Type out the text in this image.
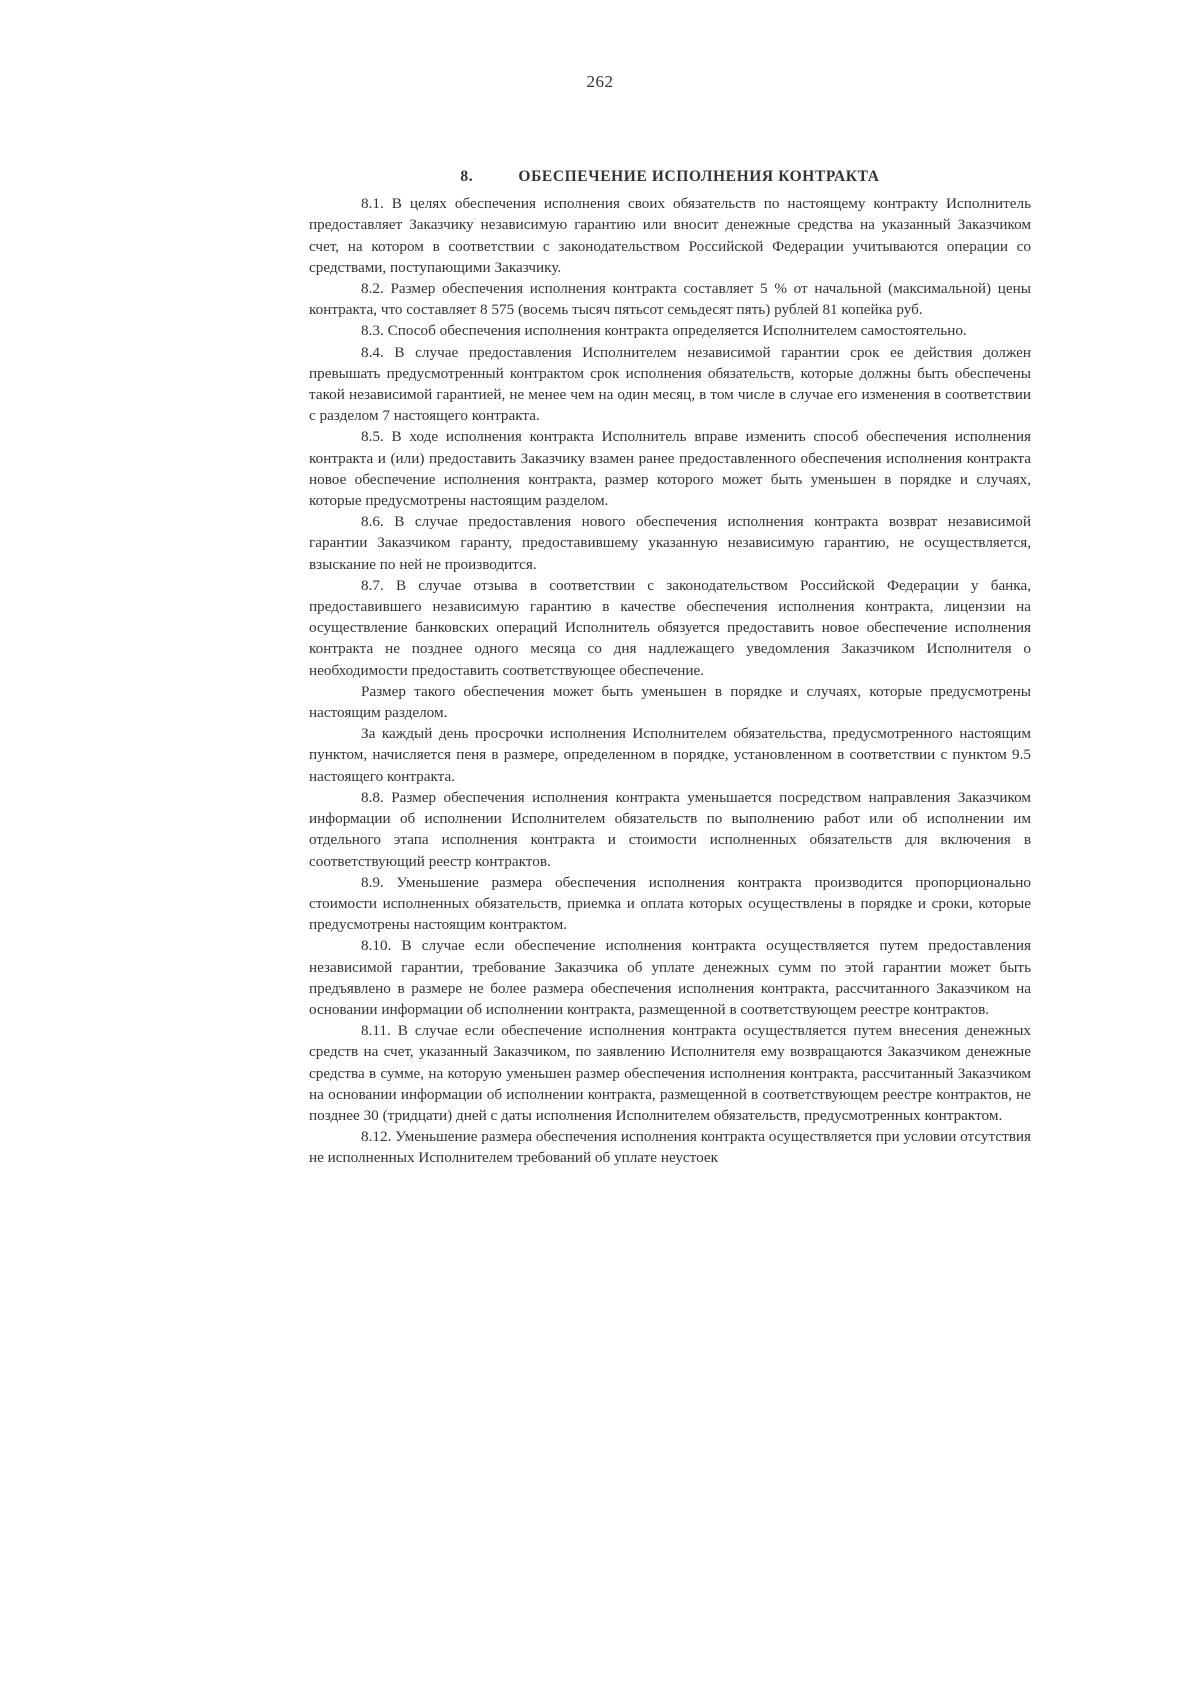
262
8.	ОБЕСПЕЧЕНИЕ ИСПОЛНЕНИЯ КОНТРАКТА

8.1. В целях обеспечения исполнения своих обязательств по настоящему контракту Исполнитель предоставляет Заказчику независимую гарантию или вносит денежные средства на указанный Заказчиком счет, на котором в соответствии с законодательством Российской Федерации учитываются операции со средствами, поступающими Заказчику.

8.2. Размер обеспечения исполнения контракта составляет 5 % от начальной (максимальной) цены контракта, что составляет 8 575 (восемь тысяч пятьсот семьдесят пять) рублей 81 копейка руб.

8.3. Способ обеспечения исполнения контракта определяется Исполнителем самостоятельно.

8.4. В случае предоставления Исполнителем независимой гарантии срок ее действия должен превышать предусмотренный контрактом срок исполнения обязательств, которые должны быть обеспечены такой независимой гарантией, не менее чем на один месяц, в том числе в случае его изменения в соответствии с разделом 7 настоящего контракта.

8.5. В ходе исполнения контракта Исполнитель вправе изменить способ обеспечения исполнения контракта и (или) предоставить Заказчику взамен ранее предоставленного обеспечения исполнения контракта новое обеспечение исполнения контракта, размер которого может быть уменьшен в порядке и случаях, которые предусмотрены настоящим разделом.

8.6. В случае предоставления нового обеспечения исполнения контракта возврат независимой гарантии Заказчиком гаранту, предоставившему указанную независимую гарантию, не осуществляется, взыскание по ней не производится.

8.7. В случае отзыва в соответствии с законодательством Российской Федерации у банка, предоставившего независимую гарантию в качестве обеспечения исполнения контракта, лицензии на осуществление банковских операций Исполнитель обязуется предоставить новое обеспечение исполнения контракта не позднее одного месяца со дня надлежащего уведомления Заказчиком Исполнителя о необходимости предоставить соответствующее обеспечение.

Размер такого обеспечения может быть уменьшен в порядке и случаях, которые предусмотрены настоящим разделом.

За каждый день просрочки исполнения Исполнителем обязательства, предусмотренного настоящим пунктом, начисляется пеня в размере, определенном в порядке, установленном в соответствии с пунктом 9.5 настоящего контракта.

8.8. Размер обеспечения исполнения контракта уменьшается посредством направления Заказчиком информации об исполнении Исполнителем обязательств по выполнению работ или об исполнении им отдельного этапа исполнения контракта и стоимости исполненных обязательств для включения в соответствующий реестр контрактов.

8.9. Уменьшение размера обеспечения исполнения контракта производится пропорционально стоимости исполненных обязательств, приемка и оплата которых осуществлены в порядке и сроки, которые предусмотрены настоящим контрактом.

8.10. В случае если обеспечение исполнения контракта осуществляется путем предоставления независимой гарантии, требование Заказчика об уплате денежных сумм по этой гарантии может быть предъявлено в размере не более размера обеспечения исполнения контракта, рассчитанного Заказчиком на основании информации об исполнении контракта, размещенной в соответствующем реестре контрактов.

8.11. В случае если обеспечение исполнения контракта осуществляется путем внесения денежных средств на счет, указанный Заказчиком, по заявлению Исполнителя ему возвращаются Заказчиком денежные средства в сумме, на которую уменьшен размер обеспечения исполнения контракта, рассчитанный Заказчиком на основании информации об исполнении контракта, размещенной в соответствующем реестре контрактов, не позднее 30 (тридцати) дней с даты исполнения Исполнителем обязательств, предусмотренных контрактом.

8.12. Уменьшение размера обеспечения исполнения контракта осуществляется при условии отсутствия не исполненных Исполнителем требований об уплате неустоек
